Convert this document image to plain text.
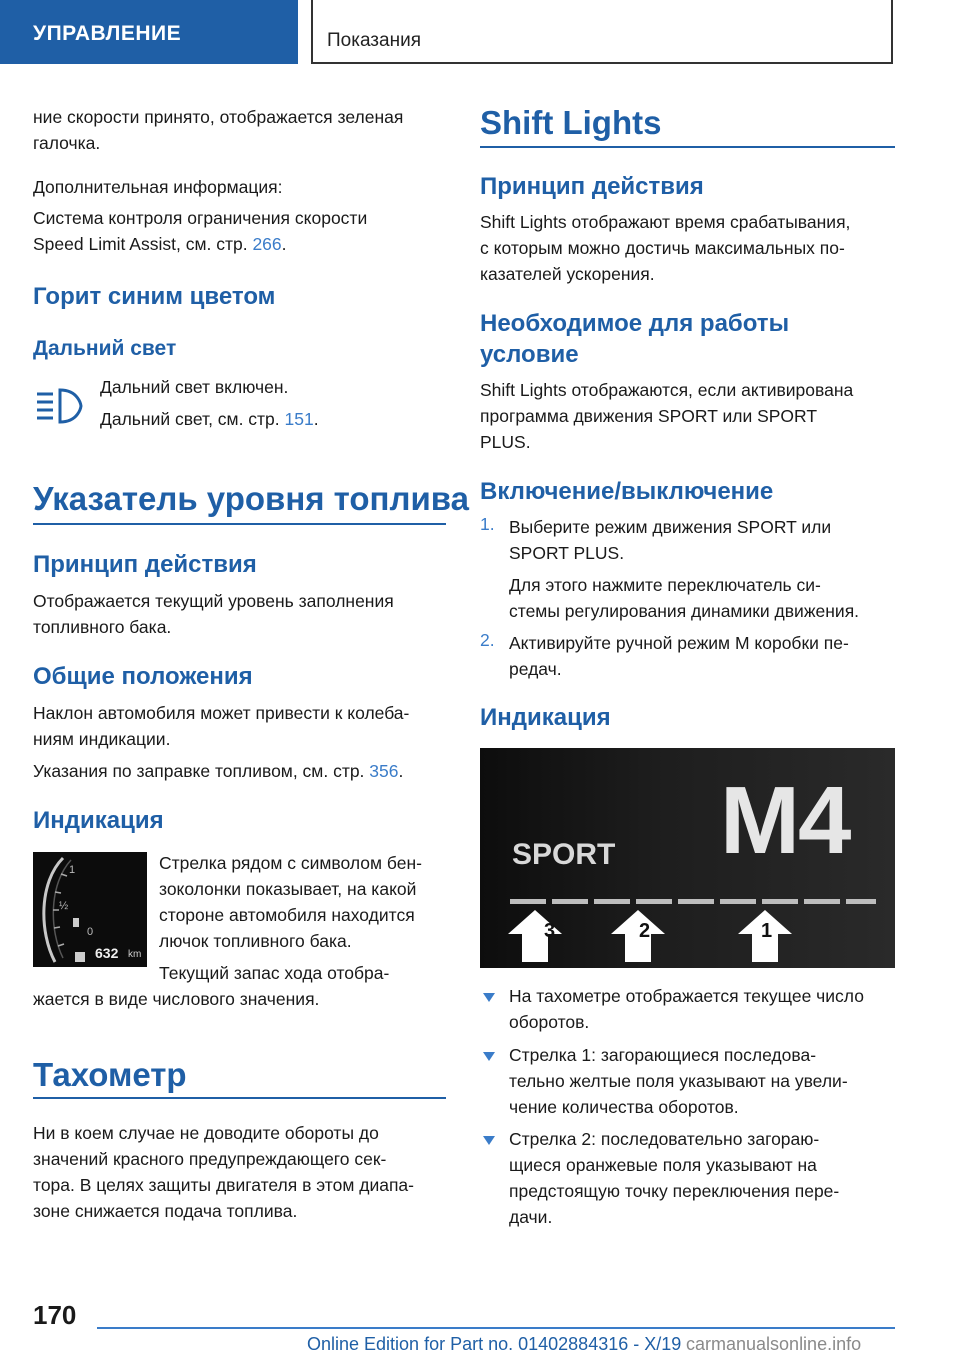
УПРАВЛЕНИЕ	Показания
ние скорости принято, отображается зеленая
галочка.
Дополнительная информация:
Система контроля ограничения скорости
Speed Limit Assist, см. стр. 266.
Горит синим цветом
Дальний свет
Дальний свет включен.
Дальний свет, см. стр. 151.
Указатель уровня топлива
Принцип действия
Отображается текущий уровень заполнения
топливного бака.
Общие положения
Наклон автомобиля может привести к колеба-
ниям индикации.
Указания по заправке топливом, см. стр. 356.
Индикация
1
½
0
632 km
Стрелка рядом с символом бен-
зоколонки показывает, на какой
стороне автомобиля находится
лючок топливного бака.
Текущий запас хода отобра-
жается в виде числового значения.
Тахометр
Ни в коем случае не доводите обороты до
значений красного предупреждающего сек-
тора. В целях защиты двигателя в этом диапа-
зоне снижается подача топлива.
Shift Lights
Принцип действия
Shift Lights отображают время срабатывания,
с которым можно достичь максимальных по-
казателей ускорения.
Необходимое для работы
условие
Shift Lights отображаются, если активирована
программа движения SPORT или SPORT
PLUS.
Включение/выключение
1. Выберите режим движения SPORT или
SPORT PLUS.
Для этого нажмите переключатель си-
стемы регулирования динамики движения.
2. Активируйте ручной режим М коробки пе-
редач.
Индикация
M4
SPORT
3	2	1
На тахометре отображается текущее число
оборотов.
Стрелка 1: загорающиеся последова-
тельно желтые поля указывают на увели-
чение количества оборотов.
Стрелка 2: последовательно загораю-
щиеся оранжевые поля указывают на
предстоящую точку переключения пере-
дачи.
170
Online Edition for Part no. 01402884316 - X/19 carmanualsonline.info
